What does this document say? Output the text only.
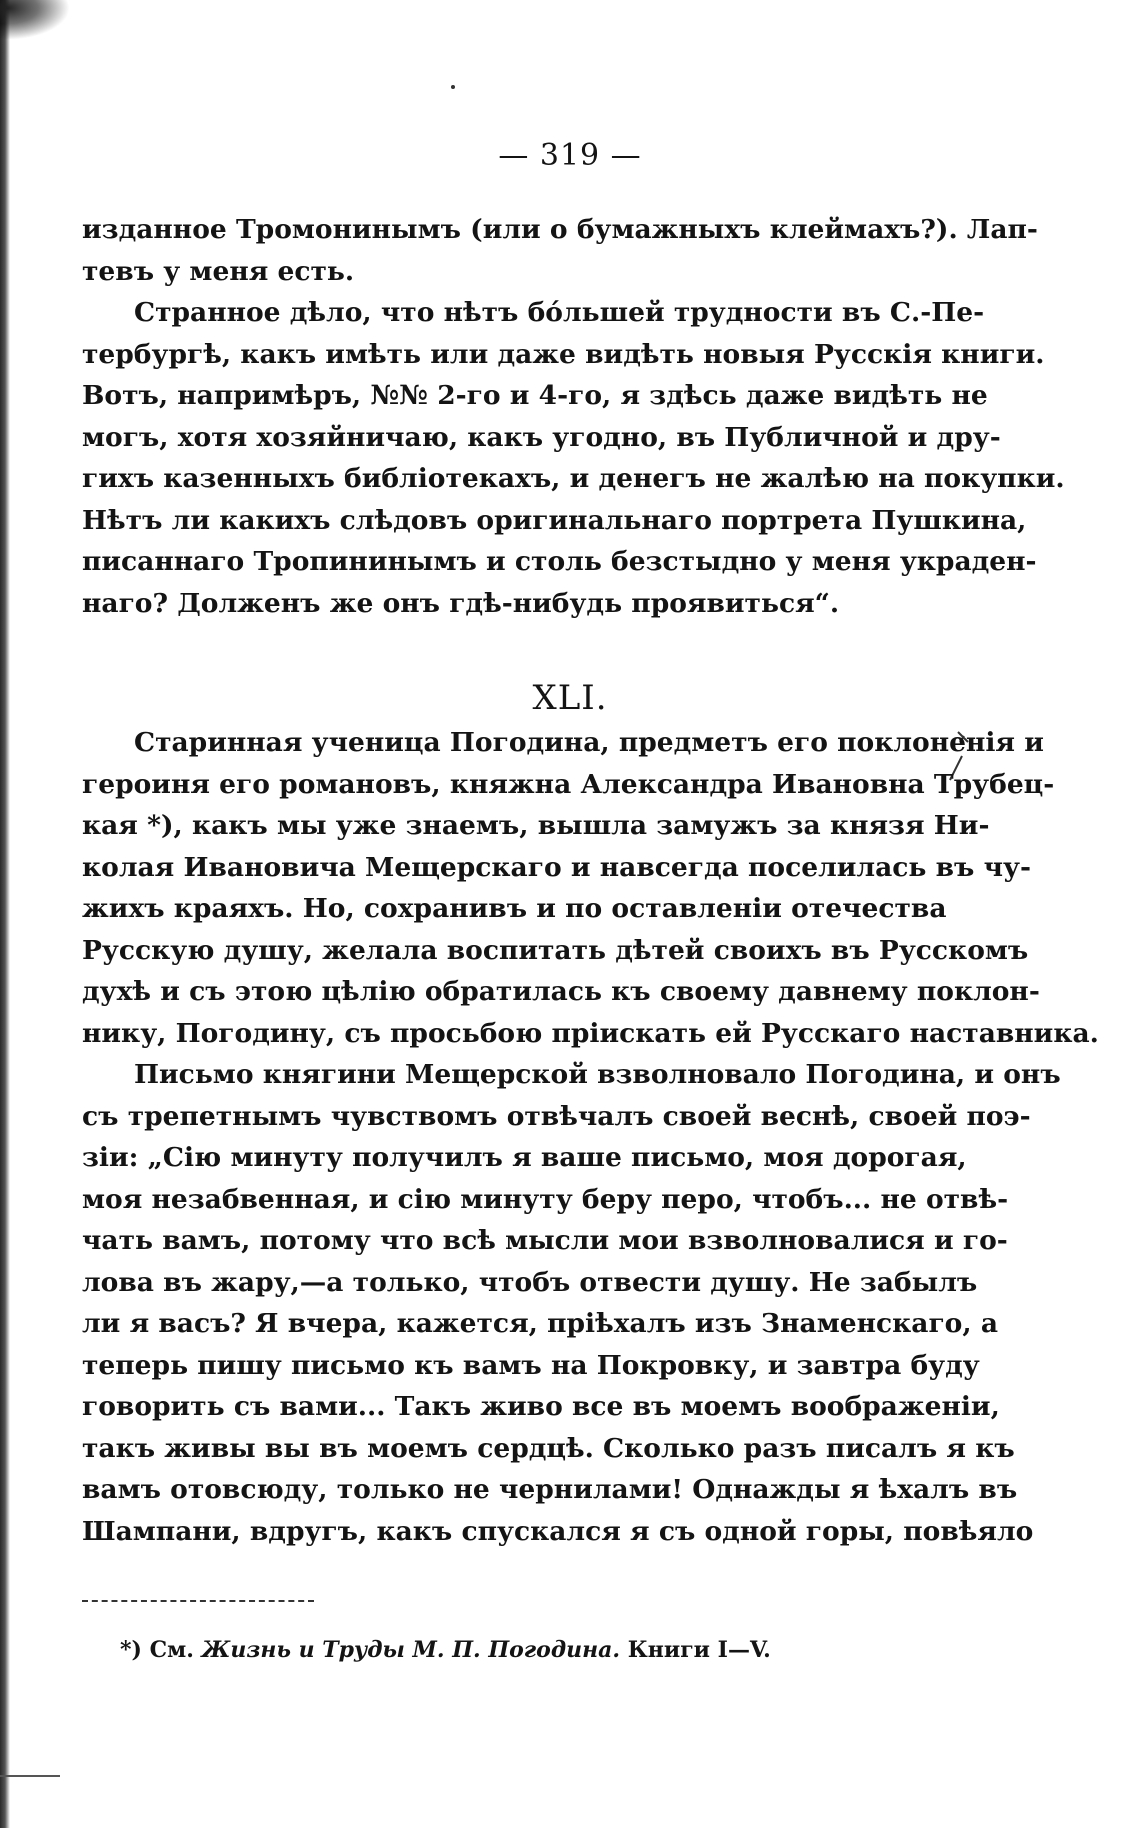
— 319 —
изданное Тромонинымъ (или о бумажныхъ клеймахъ?). Лап-
тевъ у меня есть.
Странное дѣло, что нѣтъ бóльшей трудности въ С.-Пе-
тербургѣ, какъ имѣть или даже видѣть новыя Русскія книги.
Вотъ, напримѣръ, №№ 2-го и 4-го, я здѣсь даже видѣть не
могъ, хотя хозяйничаю, какъ угодно, въ Публичной и дру-
гихъ казенныхъ библіотекахъ, и денегъ не жалѣю на покупки.
Нѣтъ ли какихъ слѣдовъ оригинальнаго портрета Пушкина,
писаннаго Тропининымъ и столь безстыдно у меня украден-
наго? Долженъ же онъ гдѣ-нибудь проявиться“.
XLI.
Старинная ученица Погодина, предметъ его поклоненія и
героиня его романовъ, княжна Александра Ивановна Трубец-
кая *), какъ мы уже знаемъ, вышла замужъ за князя Ни-
колая Ивановича Мещерскаго и навсегда поселилась въ чу-
жихъ краяхъ. Но, сохранивъ и по оставленіи отечества
Русскую душу, желала воспитать дѣтей своихъ въ Русскомъ
духѣ и съ этою цѣлію обратилась къ своему давнему поклон-
нику, Погодину, съ просьбою пріискать ей Русскаго наставника.
Письмо княгини Мещерской взволновало Погодина, и онъ
съ трепетнымъ чувствомъ отвѣчалъ своей веснѣ, своей поэ-
зіи: „Сію минуту получилъ я ваше письмо, моя дорогая,
моя незабвенная, и сію минуту беру перо, чтобъ... не отвѣ-
чать вамъ, потому что всѣ мысли мои взволновалися и го-
лова въ жару,—а только, чтобъ отвести душу. Не забылъ
ли я васъ? Я вчера, кажется, пріѣхалъ изъ Знаменскаго, а
теперь пишу письмо къ вамъ на Покровку, и завтра буду
говорить съ вами... Такъ живо все въ моемъ воображеніи,
такъ живы вы въ моемъ сердцѣ. Сколько разъ писалъ я къ
вамъ отовсюду, только не чернилами! Однажды я ѣхалъ въ
Шампани, вдругъ, какъ спускался я съ одной горы, повѣяло
*) См. Жизнь и Труды М. П. Погодина. Книги I—V.
